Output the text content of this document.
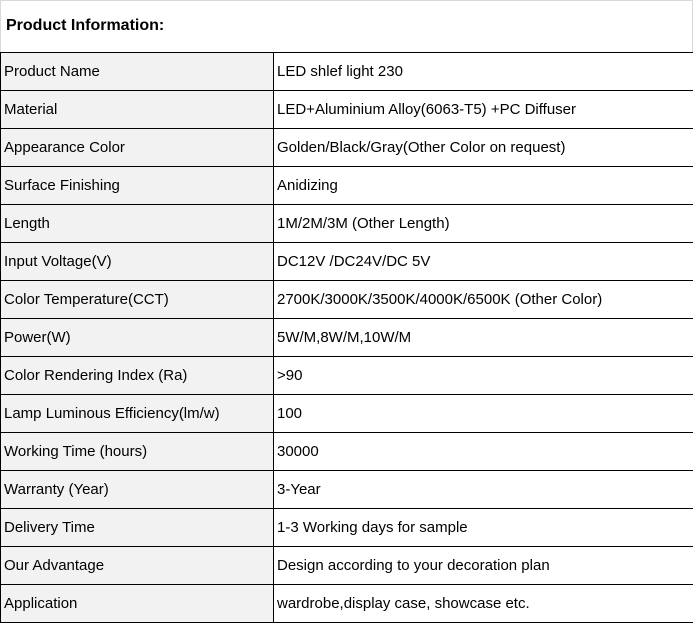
Product Information:
Product Name	LED shlef light 230
Material	LED+Aluminium Alloy(6063-T5) +PC Diffuser
Appearance Color	Golden/Black/Gray(Other Color on request)
Surface Finishing	Anidizing
Length	1M/2M/3M (Other Length)
Input Voltage(V)	DC12V /DC24V/DC 5V
Color Temperature(CCT)	2700K/3000K/3500K/4000K/6500K (Other Color)
Power(W)	5W/M,8W/M,10W/M
Color Rendering Index (Ra)	>90
Lamp Luminous Efficiency(lm/w)	100
Working Time (hours)	30000
Warranty (Year)	3-Year
Delivery Time	1-3 Working days for sample
Our Advantage	Design according to your decoration plan
Application	wardrobe,display case, showcase etc.
